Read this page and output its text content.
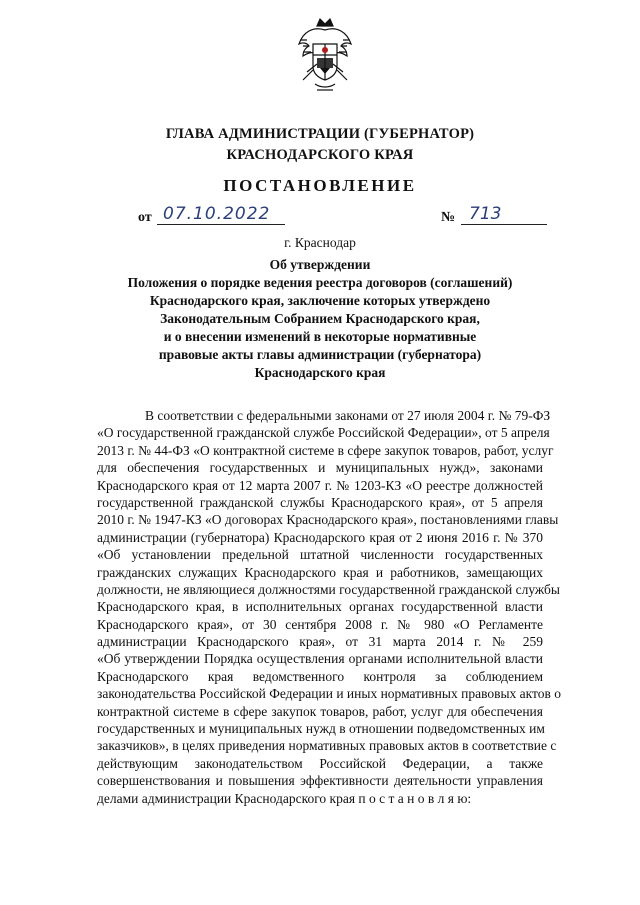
ГЛАВА АДМИНИСТРАЦИИ (ГУБЕРНАТОР)
КРАСНОДАРСКОГО КРАЯ
ПОСТАНОВЛЕНИЕ
от 07.10.2022	№ 713
г. Краснодар
Об утверждении
Положения о порядке ведения реестра договоров (соглашений)
Краснодарского края, заключение которых утверждено
Законодательным Собранием Краснодарского края,
и о внесении изменений в некоторые нормативные
правовые акты главы администрации (губернатора)
Краснодарского края
В соответствии с федеральными законами от 27 июля 2004 г. № 79-ФЗ
«О государственной гражданской службе Российской Федерации», от 5 апреля
2013 г. № 44-ФЗ «О контрактной системе в сфере закупок товаров, работ, услуг
для обеспечения государственных и муниципальных нужд», законами
Краснодарского края от 12 марта 2007 г. № 1203-КЗ «О реестре должностей
государственной гражданской службы Краснодарского края», от 5 апреля
2010 г. № 1947-КЗ «О договорах Краснодарского края», постановлениями главы
администрации (губернатора) Краснодарского края от 2 июня 2016 г. № 370
«Об установлении предельной штатной численности государственных
гражданских служащих Краснодарского края и работников, замещающих
должности, не являющиеся должностями государственной гражданской службы
Краснодарского края, в исполнительных органах государственной власти
Краснодарского края», от 30 сентября 2008 г. № 980 «О Регламенте
администрации Краснодарского края», от 31 марта 2014 г. № 259
«Об утверждении Порядка осуществления органами исполнительной власти
Краснодарского края ведомственного контроля за соблюдением
законодательства Российской Федерации и иных нормативных правовых актов о
контрактной системе в сфере закупок товаров, работ, услуг для обеспечения
государственных и муниципальных нужд в отношении подведомственных им
заказчиков», в целях приведения нормативных правовых актов в соответствие с
действующим законодательством Российской Федерации, а также
совершенствования и повышения эффективности деятельности управления
делами администрации Краснодарского края п о с т а н о в л я ю:
